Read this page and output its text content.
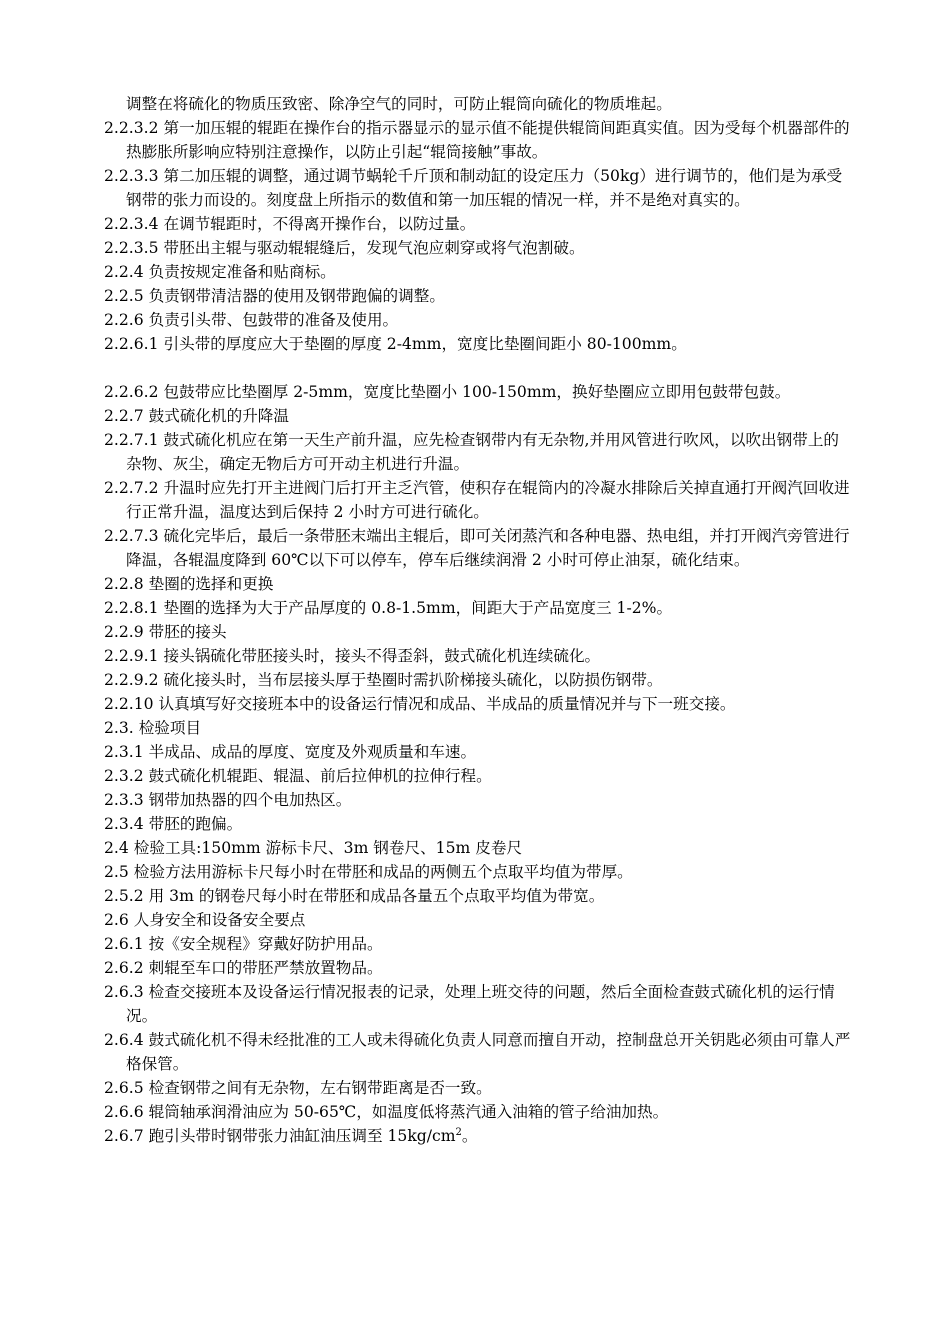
调整在将硫化的物质压致密、除净空气的同时，可防止辊筒向硫化的物质堆起。

2.2.3.2 第一加压辊的辊距在操作台的指示器显示的显示值不能提供辊筒间距真实值。因为受每个机器部件的热膨胀所影响应特别注意操作，以防止引起“辊筒接触”事故。

2.2.3.3 第二加压辊的调整，通过调节蜗轮千斤顶和制动缸的设定压力（50kg）进行调节的，他们是为承受钢带的张力而设的。刻度盘上所指示的数值和第一加压辊的情况一样，并不是绝对真实的。

2.2.3.4 在调节辊距时，不得离开操作台，以防过量。

2.2.3.5 带胚出主辊与驱动辊辊缝后，发现气泡应刺穿或将气泡割破。

2.2.4 负责按规定准备和贴商标。

2.2.5 负责钢带清洁器的使用及钢带跑偏的调整。

2.2.6 负责引头带、包鼓带的准备及使用。

2.2.6.1 引头带的厚度应大于垫圈的厚度 2-4mm，宽度比垫圈间距小 80-100mm。

2.2.6.2 包鼓带应比垫圈厚 2-5mm，宽度比垫圈小 100-150mm，换好垫圈应立即用包鼓带包鼓。

2.2.7 鼓式硫化机的升降温

2.2.7.1 鼓式硫化机应在第一天生产前升温，应先检查钢带内有无杂物,并用风管进行吹风，以吹出钢带上的杂物、灰尘，确定无物后方可开动主机进行升温。

2.2.7.2 升温时应先打开主进阀门后打开主乏汽管，使积存在辊筒内的冷凝水排除后关掉直通打开阀汽回收进行正常升温，温度达到后保持 2 小时方可进行硫化。

2.2.7.3 硫化完毕后，最后一条带胚末端出主辊后，即可关闭蒸汽和各种电器、热电组，并打开阀汽旁管进行降温，各辊温度降到 60℃以下可以停车，停车后继续润滑 2 小时可停止油泵，硫化结束。

2.2.8 垫圈的选择和更换

2.2.8.1 垫圈的选择为大于产品厚度的 0.8-1.5mm，间距大于产品宽度三 1-2%。

2.2.9 带胚的接头

2.2.9.1 接头锅硫化带胚接头时，接头不得歪斜，鼓式硫化机连续硫化。

2.2.9.2 硫化接头时，当布层接头厚于垫圈时需扒阶梯接头硫化，以防损伤钢带。

2.2.10 认真填写好交接班本中的设备运行情况和成品、半成品的质量情况并与下一班交接。

2.3. 检验项目

2.3.1 半成品、成品的厚度、宽度及外观质量和车速。

2.3.2 鼓式硫化机辊距、辊温、前后拉伸机的拉伸行程。

2.3.3 钢带加热器的四个电加热区。

2.3.4 带胚的跑偏。

2.4 检验工具:150mm 游标卡尺、3m 钢卷尺、15m 皮卷尺

2.5 检验方法用游标卡尺每小时在带胚和成品的两侧五个点取平均值为带厚。

2.5.2 用 3m 的钢卷尺每小时在带胚和成品各量五个点取平均值为带宽。

2.6 人身安全和设备安全要点

2.6.1 按《安全规程》穿戴好防护用品。

2.6.2 刺辊至车口的带胚严禁放置物品。

2.6.3 检查交接班本及设备运行情况报表的记录，处理上班交待的问题，然后全面检查鼓式硫化机的运行情况。

2.6.4 鼓式硫化机不得未经批准的工人或未得硫化负责人同意而擅自开动，控制盘总开关钥匙必须由可靠人严格保管。

2.6.5 检查钢带之间有无杂物，左右钢带距离是否一致。

2.6.6 辊筒轴承润滑油应为 50-65℃，如温度低将蒸汽通入油箱的管子给油加热。

2.6.7 跑引头带时钢带张力油缸油压调至 $15kg/cm^2$。
